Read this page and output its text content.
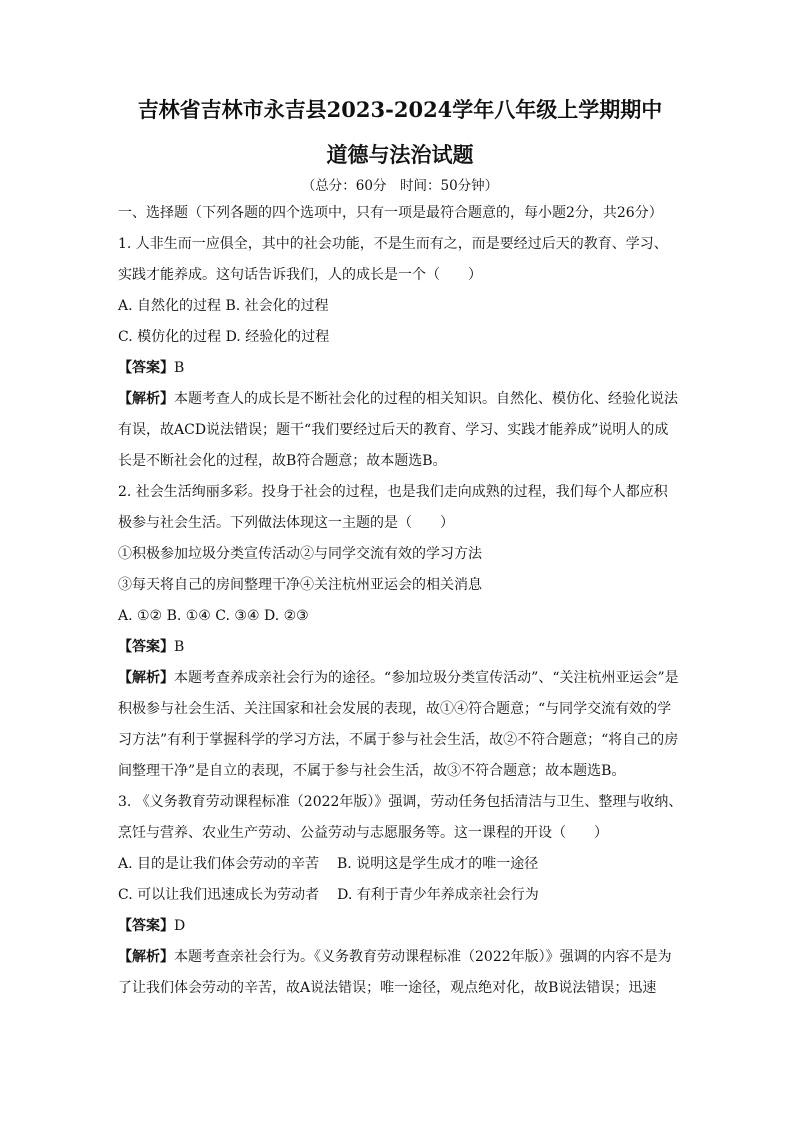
吉林省吉林市永吉县2023-2024学年八年级上学期期中
道德与法治试题
（总分：60分　时间：50分钟）
一、选择题（下列各题的四个选项中，只有一项是最符合题意的，每小题2分，共26分）
1. 人非生而一应俱全，其中的社会功能，不是生而有之，而是要经过后天的教育、学习、
实践才能养成。这句话告诉我们，人的成长是一个（　　）
A. 自然化的过程 B. 社会化的过程
C. 模仿化的过程 D. 经验化的过程
【答案】B
【解析】本题考查人的成长是不断社会化的过程的相关知识。自然化、模仿化、经验化说法
有误，故ACD说法错误；题干“我们要经过后天的教育、学习、实践才能养成”说明人的成
长是不断社会化的过程，故B符合题意；故本题选B。
2. 社会生活绚丽多彩。投身于社会的过程，也是我们走向成熟的过程，我们每个人都应积
极参与社会生活。下列做法体现这一主题的是（　　）
①积极参加垃圾分类宣传活动②与同学交流有效的学习方法
③每天将自己的房间整理干净④关注杭州亚运会的相关消息
A. ①② B. ①④ C. ③④ D. ②③
【答案】B
【解析】本题考查养成亲社会行为的途径。“参加垃圾分类宣传活动”、“关注杭州亚运会”是
积极参与社会生活、关注国家和社会发展的表现，故①④符合题意；“与同学交流有效的学
习方法”有利于掌握科学的学习方法，不属于参与社会生活，故②不符合题意；“将自己的房
间整理干净”是自立的表现，不属于参与社会生活，故③不符合题意；故本题选B。
3. 《义务教育劳动课程标准（2022年版）》强调，劳动任务包括清洁与卫生、整理与收纳、
烹饪与营养、农业生产劳动、公益劳动与志愿服务等。这一课程的开设（　　）
A. 目的是让我们体会劳动的辛苦 B. 说明这是学生成才的唯一途径
C. 可以让我们迅速成长为劳动者 D. 有利于青少年养成亲社会行为
【答案】D
【解析】本题考查亲社会行为。《义务教育劳动课程标准（2022年版）》强调的内容不是为
了让我们体会劳动的辛苦，故A说法错误；唯一途径，观点绝对化，故B说法错误；迅速
